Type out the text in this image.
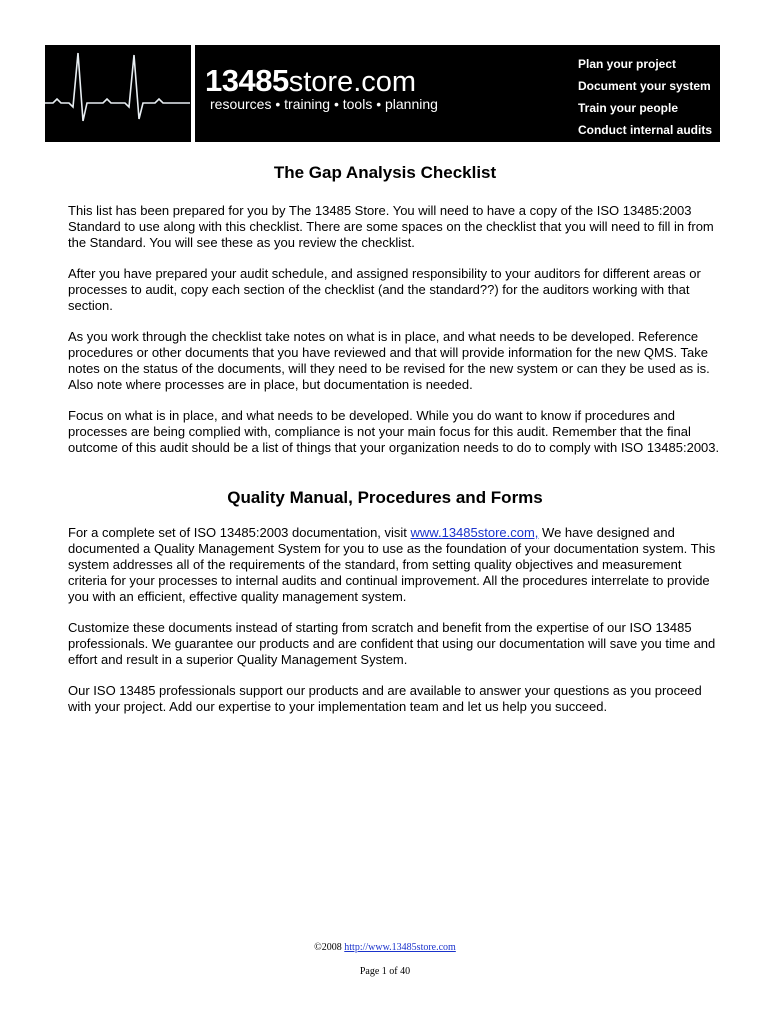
13485store.com
resources • training • tools • planning
Plan your project
Document your system
Train your people
Conduct internal audits
The Gap Analysis Checklist

This list has been prepared for you by The 13485 Store. You will need to have a copy of the ISO 13485:2003 Standard to use along with this checklist. There are some spaces on the checklist that you will need to fill in from the Standard. You will see these as you review the checklist.

After you have prepared your audit schedule, and assigned responsibility to your auditors for different areas or processes to audit, copy each section of the checklist (and the standard??) for the auditors working with that section.

As you work through the checklist take notes on what is in place, and what needs to be developed. Reference procedures or other documents that you have reviewed and that will provide information for the new QMS. Take notes on the status of the documents, will they need to be revised for the new system or can they be used as is. Also note where processes are in place, but documentation is needed.

Focus on what is in place, and what needs to be developed. While you do want to know if procedures and processes are being complied with, compliance is not your main focus for this audit. Remember that the final outcome of this audit should be a list of things that your organization needs to do to comply with ISO 13485:2003.

Quality Manual, Procedures and Forms

For a complete set of ISO 13485:2003 documentation, visit www.13485store.com, We have designed and documented a Quality Management System for you to use as the foundation of your documentation system. This system addresses all of the requirements of the standard, from setting quality objectives and measurement criteria for your processes to internal audits and continual improvement. All the procedures interrelate to provide you with an efficient, effective quality management system.

Customize these documents instead of starting from scratch and benefit from the expertise of our ISO 13485 professionals. We guarantee our products and are confident that using our documentation will save you time and effort and result in a superior Quality Management System.

Our ISO 13485 professionals support our products and are available to answer your questions as you proceed with your project. Add our expertise to your implementation team and let us help you succeed.

©2008 http://www.13485store.com
Page 1 of 40
